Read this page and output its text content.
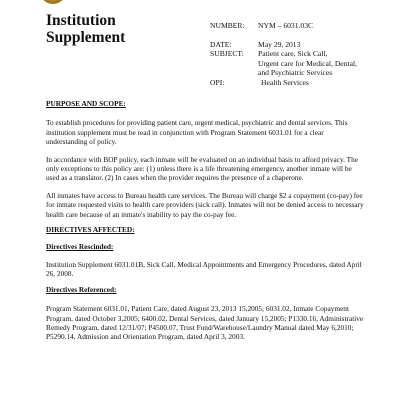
Institution
Supplement
NUMBER:	NYM – 6031.03C
DATE:	May 29, 2013
SUBJECT:	Patient care, Sick Call,
Urgent care for Medical, Dental,
and Psychiatric Services
OPI:	Health Services
PURPOSE AND SCOPE:

To establish procedures for providing patient care, urgent medical, psychiatric and dental services. This institution supplement must be read in conjunction with Program Statement 6031.01 for a clear understanding of policy.

In accordance with BOP policy, each inmate will be evaluated on an individual basis to afford privacy. The only exceptions to this policy are: (1) unless there is a life threatening emergency, another inmate will be used as a translator. (2) In cases when the provider requires the presence of a chaperone.

All inmates have access to Bureau health care services. The Bureau will charge $2 a copayment (co-pay) fee for inmate requested visits to health care providers (sick call). Inmates will not be denied access to necessary health care because of an inmate's inability to pay the co-pay fee.

DIRECTIVES AFFECTED:
Directives Rescinded:

Institution Supplement 6031.01B, Sick Call, Medical Appointments and Emergency Procedures, dated April 26, 2008.

Directives Referenced:

Program Statement 6031.01, Patient Care, dated August 23, 2013 15,2005; 6031.02, Inmate Copayment Program, dated October 3,2005; 6400.02, Dental Services, dated January 15,2005; P1330.16, Administrative Remedy Program, dated 12/31/07; P4500.07, Trust Fund/Warehouse/Laundry Manual dated May 6,2010; P5290.14, Admission and Orientation Program, dated April 3, 2003.
